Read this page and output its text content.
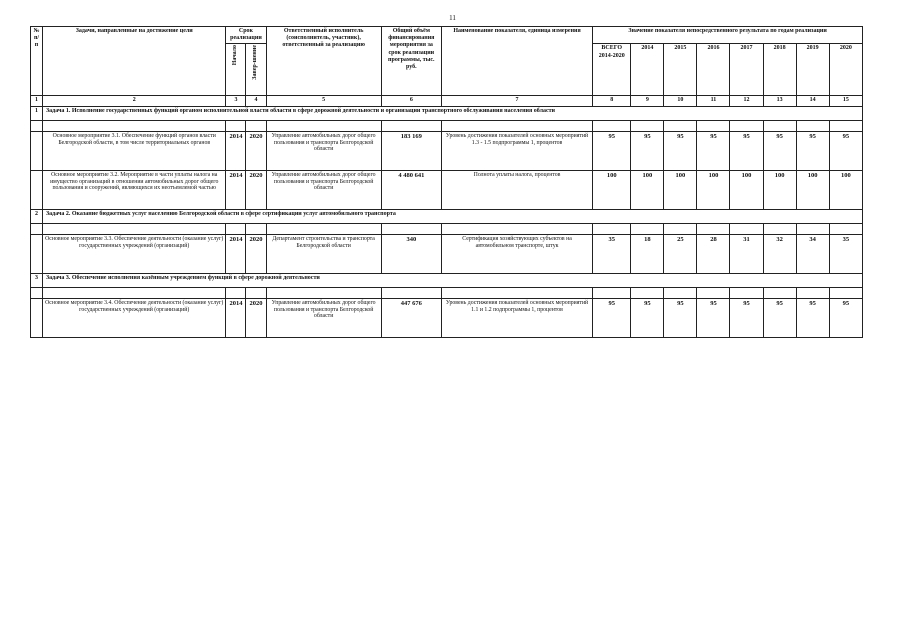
11
№ п/п	Задачи, направленные на достижение цели	Срок реализации		Ответственный исполнитель (соисполнитель, участник), ответственный за реализацию	Общий объём финансирования мероприятия за срок реализации программы, тыс. руб.	Наименование показателя, единица измерения	Значение показателя непосредственного результата по годам реализации							
		Начало	Завер-шение				ВСЕГО 2014-2020	2014	2015	2016	2017	2018	2019	2020
1	2	3	4	5	6	7	8	9	10	11	12	13	14	15
1	Задача 1. Исполнение государственных функций органом исполнительной власти области в сфере дорожной деятельности и организации транспортного обслуживания населения области													

	Основное мероприятие 3.1. Обеспечение функций органов власти Белгородской области, в том числе территориальных органов	2014	2020	Управление автомобильных дорог общего пользования и транспорта Белгородской области	183 169	Уровень достижения показателей основных мероприятий 1.3 - 1.5 подпрограммы 1, процентов	95	95	95	95	95	95	95	95
	Основное мероприятие 3.2. Мероприятие в части уплаты налога на имущество организаций в отношении автомобильных дорог общего пользования и сооружений, являющихся их неотъемлемой частью	2014	2020	Управление автомобильных дорог общего пользования и транспорта Белгородской области	4 480 641	Полнота уплаты налога, процентов	100	100	100	100	100	100	100	100
2	Задача 2. Оказание бюджетных услуг населению Белгородской области в сфере сертификации услуг автомобильного транспорта													

	Основное мероприятие 3.3. Обеспечение деятельности (оказание услуг) государственных учреждений (организаций)	2014	2020	Департамент строительства и транспорта Белгородской области	340	Сертификация хозяйствующих субъектов на автомобильном транспорте, штук	35	18	25	28	31	32	34	35
3	Задача 3. Обеспечение исполнения казённым учреждением функций в сфере дорожной деятельности													

	Основное мероприятие 3.4. Обеспечение деятельности (оказание услуг) государственных учреждений (организаций)	2014	2020	Управление автомобильных дорог общего пользования и транспорта Белгородской области	447 676	Уровень достижения показателей основных мероприятий 1.1 и 1.2 подпрограммы 1, процентов	95	95	95	95	95	95	95	95
